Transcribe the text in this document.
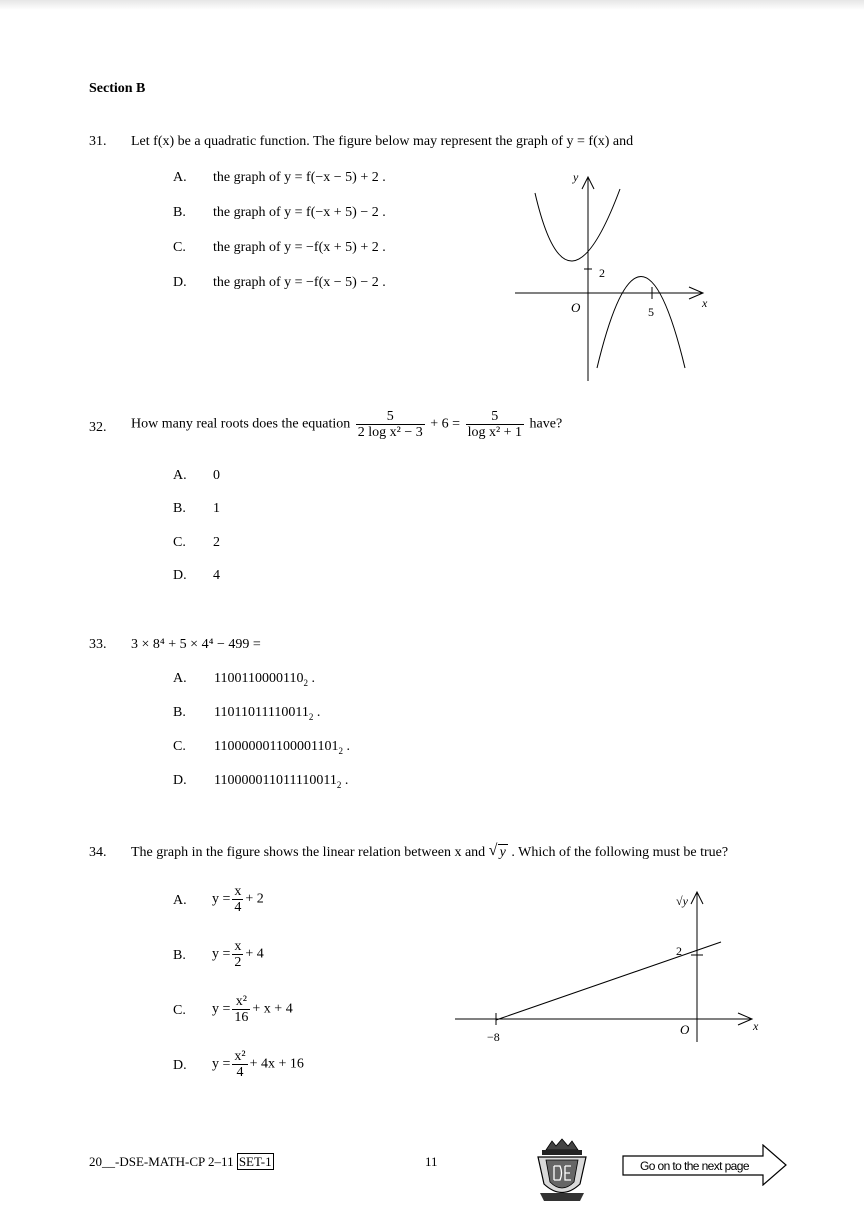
Section B
31. Let f(x) be a quadratic function. The figure below may represent the graph of y = f(x) and
A. the graph of y = f(−x − 5) + 2 .
B. the graph of y = f(−x + 5) − 2 .
C. the graph of y = −f(x + 5) + 2 .
D. the graph of y = −f(x − 5) − 2 .
y
x
O
2
5
32. How many real roots does the equation $\frac{5}{\text{2 log x² − 3}} + 6 = \frac{5}{\text{log x² + 1}}$ have?
A. 0
B. 1
C. 2
D. 4
33. 3 × 8⁴ + 5 × 4⁴ − 499 =
A. $1100110000110_2$ .
B. $11011011110011_2$ .
C. $110000001100001101_2$ .
D. $110000011011110011_2$ .
34. The graph in the figure shows the linear relation between x and √ y . Which of the following must be true?
A. $y = \frac{x}{4} + 2$
B. $y = \frac{x}{2} + 4$
C. $y = \frac{\text{x²}}{16} + x + 4$
D. $y = \frac{\text{x²}}{4} + 4x + 16$
√y
x
O
2
−8
20__-DSE-MATH-CP 2–11 SET-1	11	Go on to the next page
